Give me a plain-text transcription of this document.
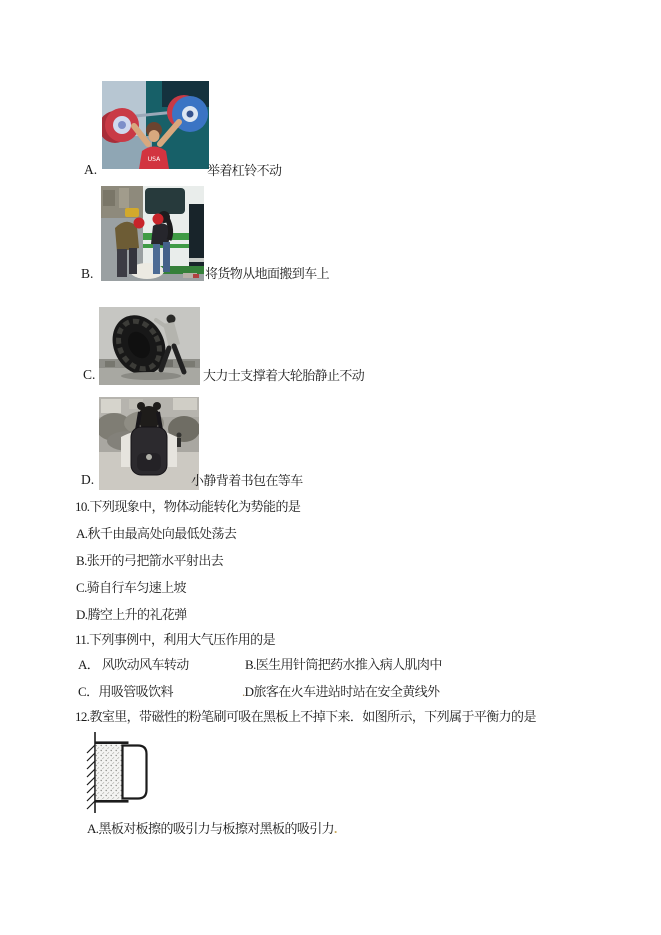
A.
USA
举着杠铃不动
B.	将货物从地面搬到车上
C.	大力士支撑着大轮胎静止不动
D.	小静背着书包在等车
10.下列现象中，物体动能转化为势能的是
A.秋千由最高处向最低处荡去
B.张开的弓把箭水平射出去
C.骑自行车匀速上坡
D.腾空上升的礼花弹
11.下列事例中，利用大气压作用的是
A． 风吹动风车转动	B.医生用针筒把药水推入病人肌肉中
C．用吸管吸饮料	.D旅客在火车进站时站在安全黄线外
12.教室里，带磁性的粉笔刷可吸在黑板上不掉下来．如图所示，下列属于平衡力的是
A.黑板对板擦的吸引力与板擦对黑板的吸引力.
